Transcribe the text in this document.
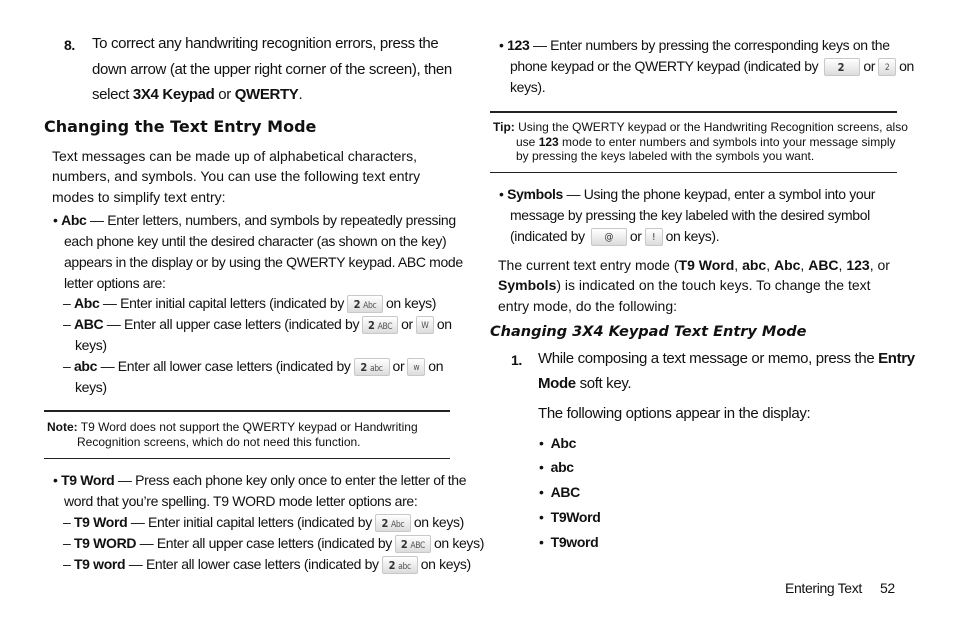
8. To correct any handwriting recognition errors, press the
down arrow (at the upper right corner of the screen), then
select 3X4 Keypad or QWERTY.
Changing the Text Entry Mode
Text messages can be made up of alphabetical characters,
numbers, and symbols. You can use the following text entry
modes to simplify text entry:
• Abc — Enter letters, numbers, and symbols by repeatedly pressing
each phone key until the desired character (as shown on the key)
appears in the display or by using the QWERTY keypad. ABC mode
letter options are:
– Abc — Enter initial capital letters (indicated by 2 Abc on keys)
– ABC — Enter all upper case letters (indicated by 2 ABC or W on
keys)
– abc — Enter all lower case letters (indicated by 2 abc or w on
keys)
Note: T9 Word does not support the QWERTY keypad or Handwriting
Recognition screens, which do not need this function.
• T9 Word — Press each phone key only once to enter the letter of the
word that you’re spelling. T9 WORD mode letter options are:
– T9 Word — Enter initial capital letters (indicated by 2 Abc on keys)
– T9 WORD — Enter all upper case letters (indicated by 2 ABC on keys)
– T9 word — Enter all lower case letters (indicated by 2 abc on keys)
• 123 — Enter numbers by pressing the corresponding keys on the
phone keypad or the QWERTY keypad (indicated by 2 or 2 on
keys).
Tip: Using the QWERTY keypad or the Handwriting Recognition screens, also
use 123 mode to enter numbers and symbols into your message simply
by pressing the keys labeled with the symbols you want.
• Symbols — Using the phone keypad, enter a symbol into your
message by pressing the key labeled with the desired symbol
(indicated by @ or ! on keys).
The current text entry mode (T9 Word, abc, Abc, ABC, 123, or
Symbols) is indicated on the touch keys. To change the text
entry mode, do the following:
Changing 3X4 Keypad Text Entry Mode
1. While composing a text message or memo, press the Entry
Mode soft key.
The following options appear in the display:
•  Abc
•  abc
•  ABC
•  T9Word
•  T9word
Entering Text 52
